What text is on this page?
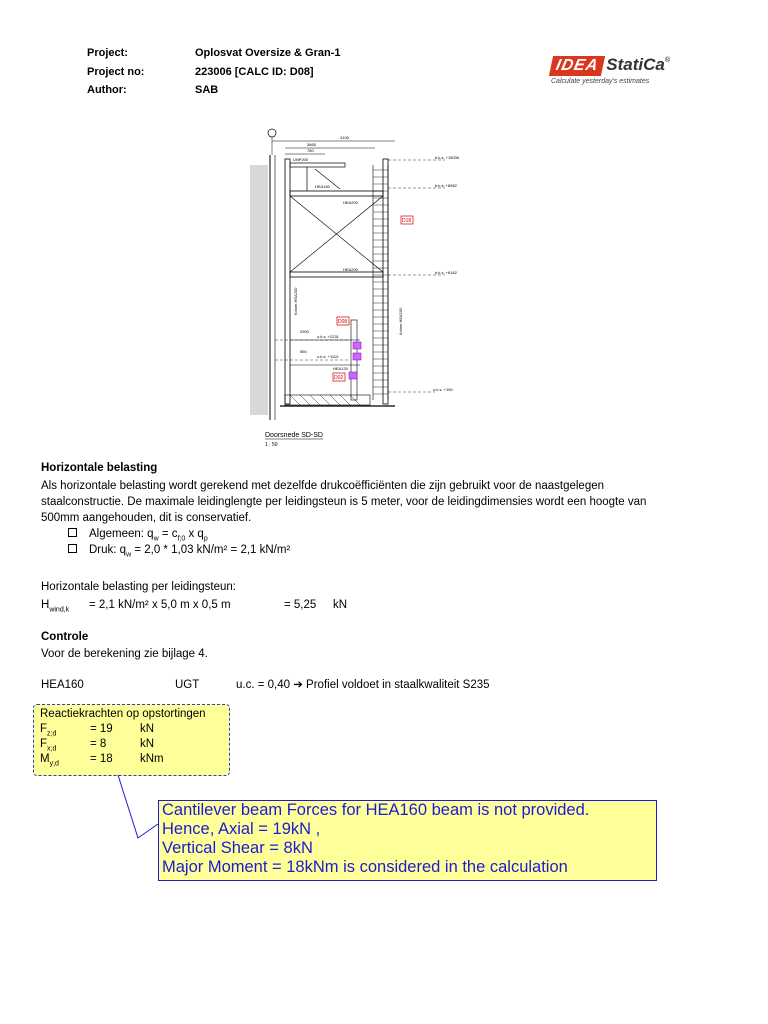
Project:	Oplosvat Oversize & Gran-1
Project no:	223006 [CALC ID: D08]
Author:	SAB
IDEA StatiCa®
Calculate yesterday's estimates
4100
3665
780
b.k.s. +15036
b.k.s. +8962
b.k.s. +6162
o.k.s. +2231
o.k.s. +1110
o.k.s. +150
HEA160
HEA200
HEA200
UNP200
HEA120
560
2900
Kolom HEA200
Kolom HEA200
D18
D08
D02
Doorsnede SD-SD
1 : 50
Horizontale belasting
Als horizontale belasting wordt gerekend met dezelfde drukcoëfficiënten die zijn gebruikt voor de naastgelegen
staalconstructie. De maximale leidinglengte per leidingsteun is 5 meter, voor de leidingdimensies wordt een hoogte van
500mm aangehouden, dit is conservatief.
Algemeen: $q_w = c_{f;0}$ x $q_p$
Druk: $q_w = 2,0 * 1,03$ kN/m² = 2,1 kN/m²
Horizontale belasting per leidingsteun:
$H_{wind,k} = 2,1$ kN/m² x 5,0 m x 0,5 m	= 5,25 kN
Controle
Voor de berekening zie bijlage 4.
HEA160	UGT	u.c. = 0,40 ➔ Profiel voldoet in staalkwaliteit S235
Reactiekrachten op opstortingen
$F_{z;d}$	= 19 kN
$F_{x;d}$	= 8	kN
$M_{y;d}$	= 18 kNm
Cantilever beam Forces for HEA160 beam is not provided.
Hence, Axial = 19kN ,
Vertical Shear = 8kN
Major Moment = 18kNm is considered in the calculation
